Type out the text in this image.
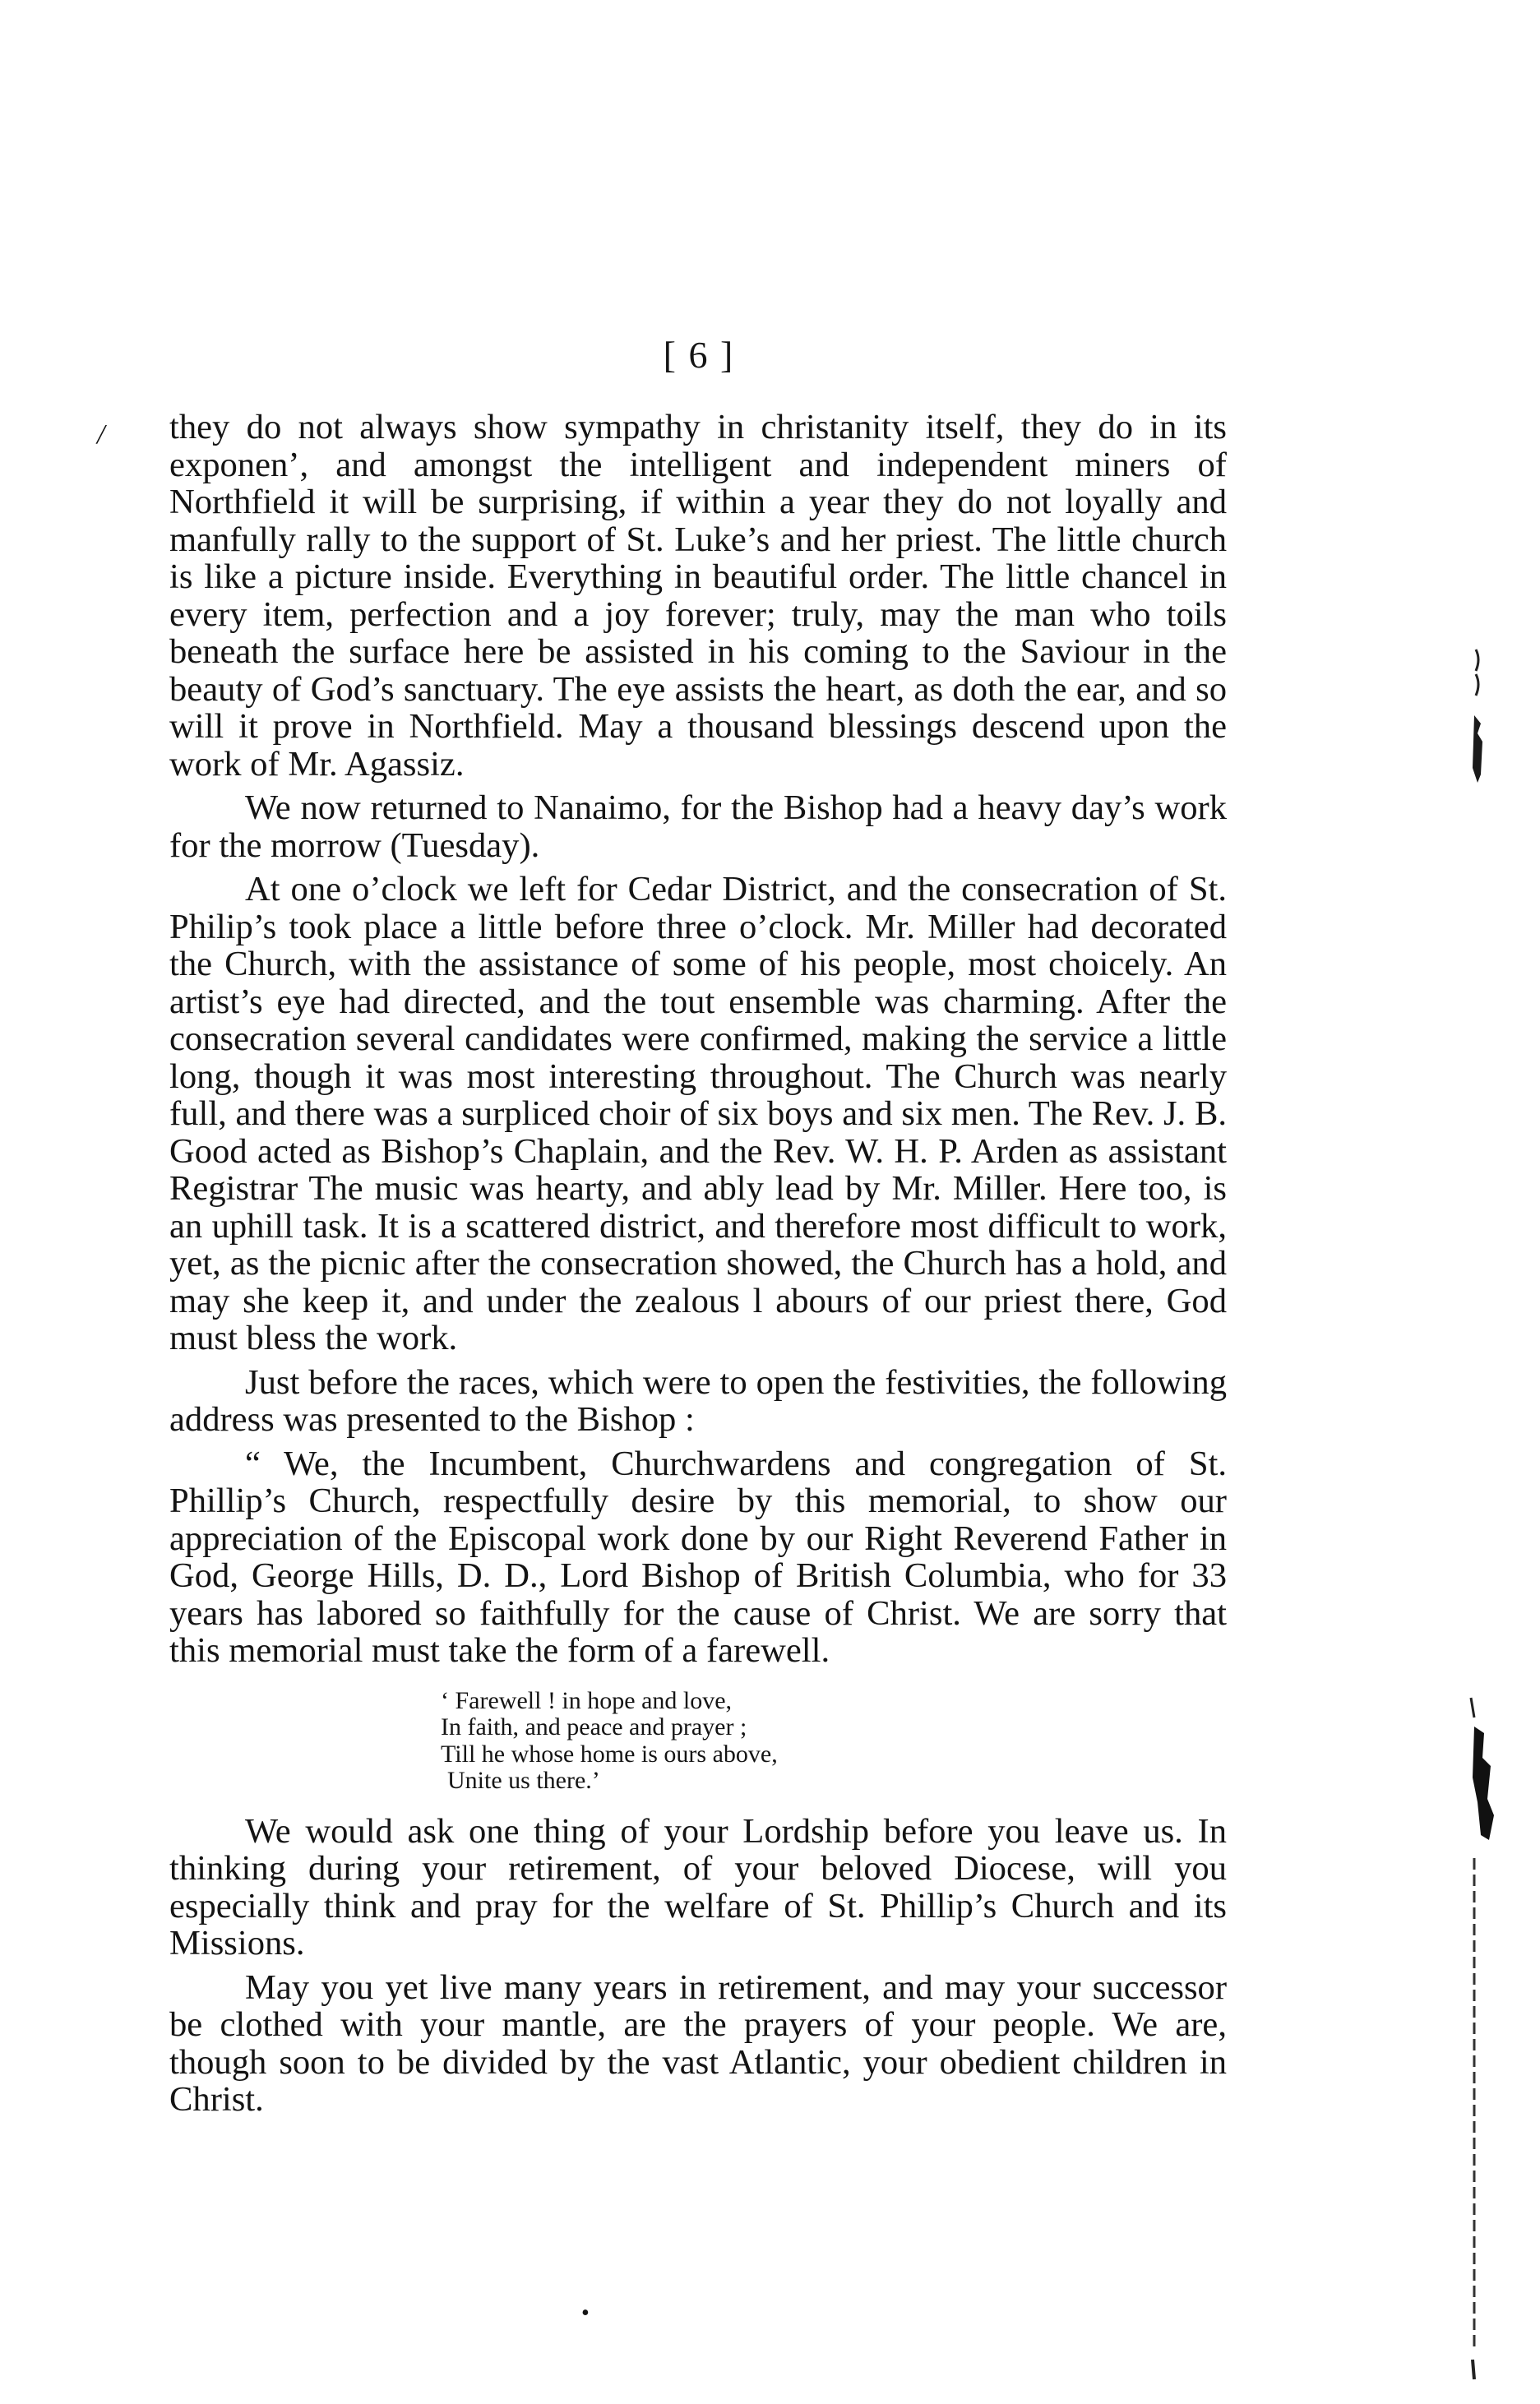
[ 6 ]
/ they do not always show sympathy in christanity itself, they do in its exponen’, and amongst the intelligent and independent miners of Northfield it will be surprising, if within a year they do not loyally and manfully rally to the support of St. Luke’s and her priest. The little church is like a picture inside. Everything in beautiful order. The little chancel in every item, perfection and a joy forever; truly, may the man who toils beneath the surface here be assisted in his coming to the Saviour in the beauty of God’s sanctuary. The eye assists the heart, as doth the ear, and so will it prove in Northfield. May a thousand blessings descend upon the work of Mr. Agassiz.

We now returned to Nanaimo, for the Bishop had a heavy day’s work for the morrow (Tuesday).

At one o’clock we left for Cedar District, and the consecration of St. Philip’s took place a little before three o’clock. Mr. Miller had decorated the Church, with the assistance of some of his people, most choicely. An artist’s eye had directed, and the tout ensemble was charming. After the consecration several candidates were confirmed, making the service a little long, though it was most interesting throughout. The Church was nearly full, and there was a surpliced choir of six boys and six men. The Rev. J. B. Good acted as Bishop’s Chaplain, and the Rev. W. H. P. Arden as assistant Registrar The music was hearty, and ably lead by Mr. Miller. Here too, is an uphill task. It is a scattered district, and therefore most difficult to work, yet, as the picnic after the consecration showed, the Church has a hold, and may she keep it, and under the zealous l abours of our priest there, God must bless the work.

Just before the races, which were to open the festivities, the following address was presented to the Bishop :

“ We, the Incumbent, Churchwardens and congregation of St. Phillip’s Church, respectfully desire by this memorial, to show our appreciation of the Episcopal work done by our Right Reverend Father in God, George Hills, D. D., Lord Bishop of British Columbia, who for 33 years has labored so faithfully for the cause of Christ. We are sorry that this memorial must take the form of a farewell.

‘ Farewell ! in hope and love,
In faith, and peace and prayer ;
Till he whose home is ours above,
Unite us there.’

We would ask one thing of your Lordship before you leave us. In thinking during your retirement, of your beloved Diocese, will you especially think and pray for the welfare of St. Phillip’s Church and its Missions.

May you yet live many years in retirement, and may your successor be clothed with your mantle, are the prayers of your people. We are, though soon to be divided by the vast Atlantic, your obedient children in Christ.

•
